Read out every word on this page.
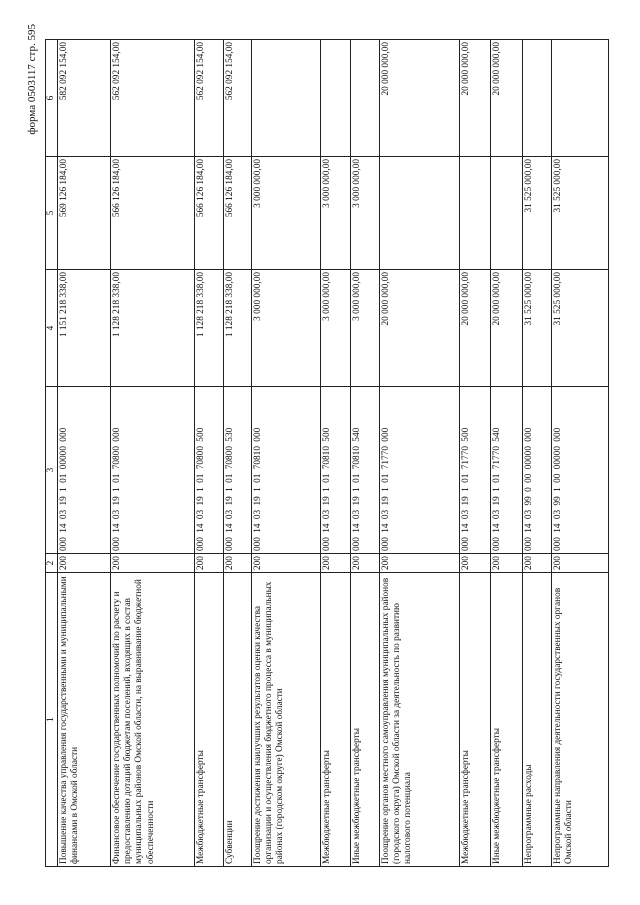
форма 0503117 стр. 595
1	2	3	4	5	6
Повышение качества управления государственными и муниципальными финансами в Омской области	200	000 14 03 19 1 01 00000 000	1 151 218 338,00	569 126 184,00	582 092 154,00
Финансовое обеспечение государственных полномочий по расчету и предоставлению дотаций бюджетам поселений, входящих в состав муниципальных районов Омской области, на выравнивание бюджетной обеспеченности	200	000 14 03 19 1 01 70800 000	1 128 218 338,00	566 126 184,00	562 092 154,00
Межбюджетные трансферты	200	000 14 03 19 1 01 70800 500	1 128 218 338,00	566 126 184,00	562 092 154,00
Субвенции	200	000 14 03 19 1 01 70800 530	1 128 218 338,00	566 126 184,00	562 092 154,00
Поощрение достижения наилучших результатов оценки качества организации и осуществления бюджетного процесса в муниципальных районах (городском округе) Омской области	200	000 14 03 19 1 01 70810 000	3 000 000,00	3 000 000,00	
Межбюджетные трансферты	200	000 14 03 19 1 01 70810 500	3 000 000,00	3 000 000,00	
Иные межбюджетные трансферты	200	000 14 03 19 1 01 70810 540	3 000 000,00	3 000 000,00	
Поощрение органов местного самоуправления муниципальных районов (городского округа) Омской области за деятельность по развитию налогового потенциала	200	000 14 03 19 1 01 71770 000	20 000 000,00		20 000 000,00
Межбюджетные трансферты	200	000 14 03 19 1 01 71770 500	20 000 000,00		20 000 000,00
Иные межбюджетные трансферты	200	000 14 03 19 1 01 71770 540	20 000 000,00		20 000 000,00
Непрограммные расходы	200	000 14 03 99 0 00 00000 000	31 525 000,00	31 525 000,00	
Непрограммные направления деятельности государственных органов Омской области	200	000 14 03 99 1 00 00000 000	31 525 000,00	31 525 000,00	
